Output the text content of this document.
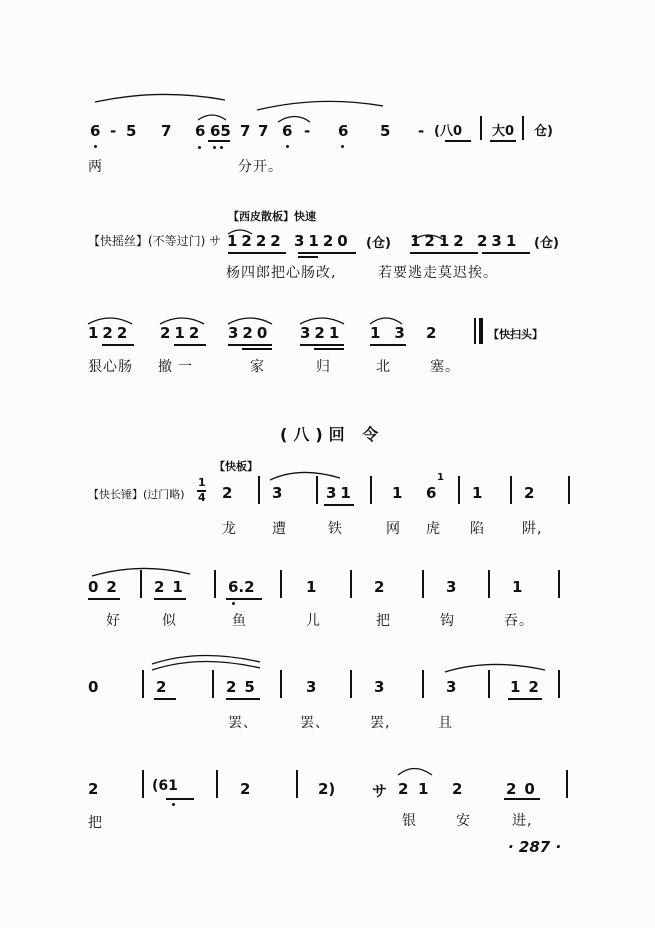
6 - 5 7 6 65 7 7 6 - 6 5 - (八0 大0 仓)
两	分开。
【西皮散板】快速
【快摇丝】(不等过门) サ 1222 3120 (仓) 1212 231 (仓)
杨四郎把心肠改,	若要逃走莫迟挨。
122 212 320 321 13 2	【快扫头】
狠心肠 撤一	家	归	北	塞。
(八)回 令
【快板】
【快长锤】(过门略)
1
4 2	3	31 1 6
1
1	2
龙	遭	铁	网 虎 陷	阱,
02 21 6.2	1	2	3	1
好	似	鱼	儿	把	钩	吞。
0	2	25	3	3	3	12
罢、	罢、	罢,	且
2	(61	2	2) サ 2 1 2	20
把	银	安	进,
· 287 ·
